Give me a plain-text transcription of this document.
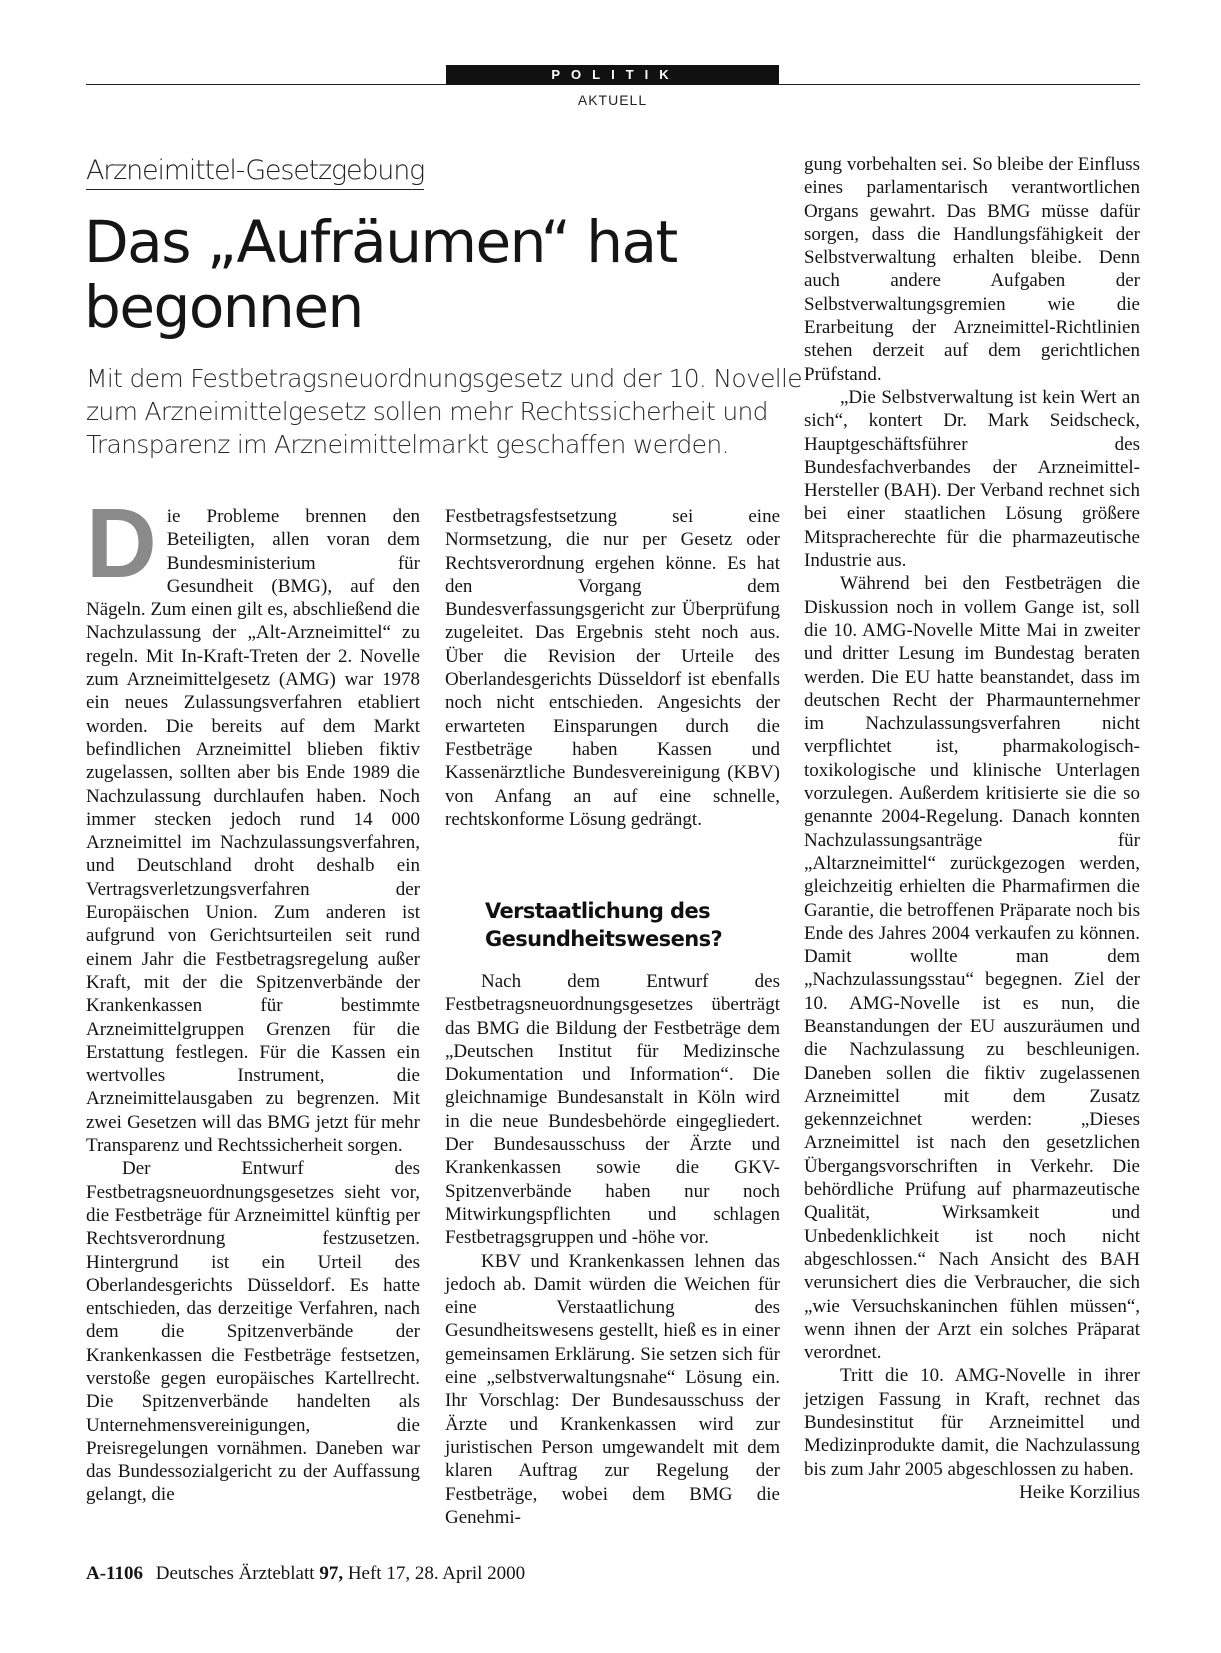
POLITIK
AKTUELL
Arzneimittel-Gesetzgebung
Das „Aufräumen“ hat begonnen

Mit dem Festbetragsneuordnungsgesetz und der 10. Novelle zum Arzneimittelgesetz sollen mehr Rechtssicherheit und Transparenz im Arzneimittelmarkt geschaffen werden.

Die Probleme brennen den Beteiligten, allen voran dem Bundesministerium für Gesundheit (BMG), auf den Nägeln. Zum einen gilt es, abschließend die Nachzulassung der „Alt-Arzneimittel“ zu regeln. Mit In-Kraft-Treten der 2. Novelle zum Arzneimittelgesetz (AMG) war 1978 ein neues Zulassungsverfahren etabliert worden. Die bereits auf dem Markt befindlichen Arzneimittel blieben fiktiv zugelassen, sollten aber bis Ende 1989 die Nachzulassung durchlaufen haben. Noch immer stecken jedoch rund 14 000 Arzneimittel im Nachzulassungsverfahren, und Deutschland droht deshalb ein Vertragsverletzungsverfahren der Europäischen Union. Zum anderen ist aufgrund von Gerichtsurteilen seit rund einem Jahr die Festbetragsregelung außer Kraft, mit der die Spitzenverbände der Krankenkassen für bestimmte Arzneimittelgruppen Grenzen für die Erstattung festlegen. Für die Kassen ein wertvolles Instrument, die Arzneimittelausgaben zu begrenzen. Mit zwei Gesetzen will das BMG jetzt für mehr Transparenz und Rechtssicherheit sorgen.

Der Entwurf des Festbetragsneuordnungsgesetzes sieht vor, die Festbeträge für Arzneimittel künftig per Rechtsverordnung festzusetzen. Hintergrund ist ein Urteil des Oberlandesgerichts Düsseldorf. Es hatte entschieden, das derzeitige Verfahren, nach dem die Spitzenverbände der Krankenkassen die Festbeträge festsetzen, verstoße gegen europäisches Kartellrecht. Die Spitzenverbände handelten als Unternehmensvereinigungen, die Preisregelungen vornähmen. Daneben war das Bundessozialgericht zu der Auffassung gelangt, die

Festbetragsfestsetzung sei eine Normsetzung, die nur per Gesetz oder Rechtsverordnung ergehen könne. Es hat den Vorgang dem Bundesverfassungsgericht zur Überprüfung zugeleitet. Das Ergebnis steht noch aus. Über die Revision der Urteile des Oberlandesgerichts Düsseldorf ist ebenfalls noch nicht entschieden. Angesichts der erwarteten Einsparungen durch die Festbeträge haben Kassen und Kassenärztliche Bundesvereinigung (KBV) von Anfang an auf eine schnelle, rechtskonforme Lösung gedrängt.

Verstaatlichung des Gesundheitswesens?

Nach dem Entwurf des Festbetragsneuordnungsgesetzes überträgt das BMG die Bildung der Festbeträge dem „Deutschen Institut für Medizinsche Dokumentation und Information“. Die gleichnamige Bundesanstalt in Köln wird in die neue Bundesbehörde eingegliedert. Der Bundesausschuss der Ärzte und Krankenkassen sowie die GKV-Spitzenverbände haben nur noch Mitwirkungspflichten und schlagen Festbetragsgruppen und -höhe vor.

KBV und Krankenkassen lehnen das jedoch ab. Damit würden die Weichen für eine Verstaatlichung des Gesundheitswesens gestellt, hieß es in einer gemeinsamen Erklärung. Sie setzen sich für eine „selbstverwaltungsnahe“ Lösung ein. Ihr Vorschlag: Der Bundesausschuss der Ärzte und Krankenkassen wird zur juristischen Person umgewandelt mit dem klaren Auftrag zur Regelung der Festbeträge, wobei dem BMG die Genehmi-

gung vorbehalten sei. So bleibe der Einfluss eines parlamentarisch verantwortlichen Organs gewahrt. Das BMG müsse dafür sorgen, dass die Handlungsfähigkeit der Selbstverwaltung erhalten bleibe. Denn auch andere Aufgaben der Selbstverwaltungsgremien wie die Erarbeitung der Arzneimittel-Richtlinien stehen derzeit auf dem gerichtlichen Prüfstand.

„Die Selbstverwaltung ist kein Wert an sich“, kontert Dr. Mark Seidscheck, Hauptgeschäftsführer des Bundesfachverbandes der Arzneimittel-Hersteller (BAH). Der Verband rechnet sich bei einer staatlichen Lösung größere Mitspracherechte für die pharmazeutische Industrie aus.

Während bei den Festbeträgen die Diskussion noch in vollem Gange ist, soll die 10. AMG-Novelle Mitte Mai in zweiter und dritter Lesung im Bundestag beraten werden. Die EU hatte beanstandet, dass im deutschen Recht der Pharmaunternehmer im Nachzulassungsverfahren nicht verpflichtet ist, pharmakologisch-toxikologische und klinische Unterlagen vorzulegen. Außerdem kritisierte sie die so genannte 2004-Regelung. Danach konnten Nachzulassungsanträge für „Altarzneimittel“ zurückgezogen werden, gleichzeitig erhielten die Pharmafirmen die Garantie, die betroffenen Präparate noch bis Ende des Jahres 2004 verkaufen zu können. Damit wollte man dem „Nachzulassungsstau“ begegnen. Ziel der 10. AMG-Novelle ist es nun, die Beanstandungen der EU auszuräumen und die Nachzulassung zu beschleunigen. Daneben sollen die fiktiv zugelassenen Arzneimittel mit dem Zusatz gekennzeichnet werden: „Dieses Arzneimittel ist nach den gesetzlichen Übergangsvorschriften in Verkehr. Die behördliche Prüfung auf pharmazeutische Qualität, Wirksamkeit und Unbedenklichkeit ist noch nicht abgeschlossen.“ Nach Ansicht des BAH verunsichert dies die Verbraucher, die sich „wie Versuchskaninchen fühlen müssen“, wenn ihnen der Arzt ein solches Präparat verordnet.

Tritt die 10. AMG-Novelle in ihrer jetzigen Fassung in Kraft, rechnet das Bundesinstitut für Arzneimittel und Medizinprodukte damit, die Nachzulassung bis zum Jahr 2005 abgeschlossen zu haben.
Heike Korzilius

A-1106 Deutsches Ärzteblatt 97, Heft 17, 28. April 2000
